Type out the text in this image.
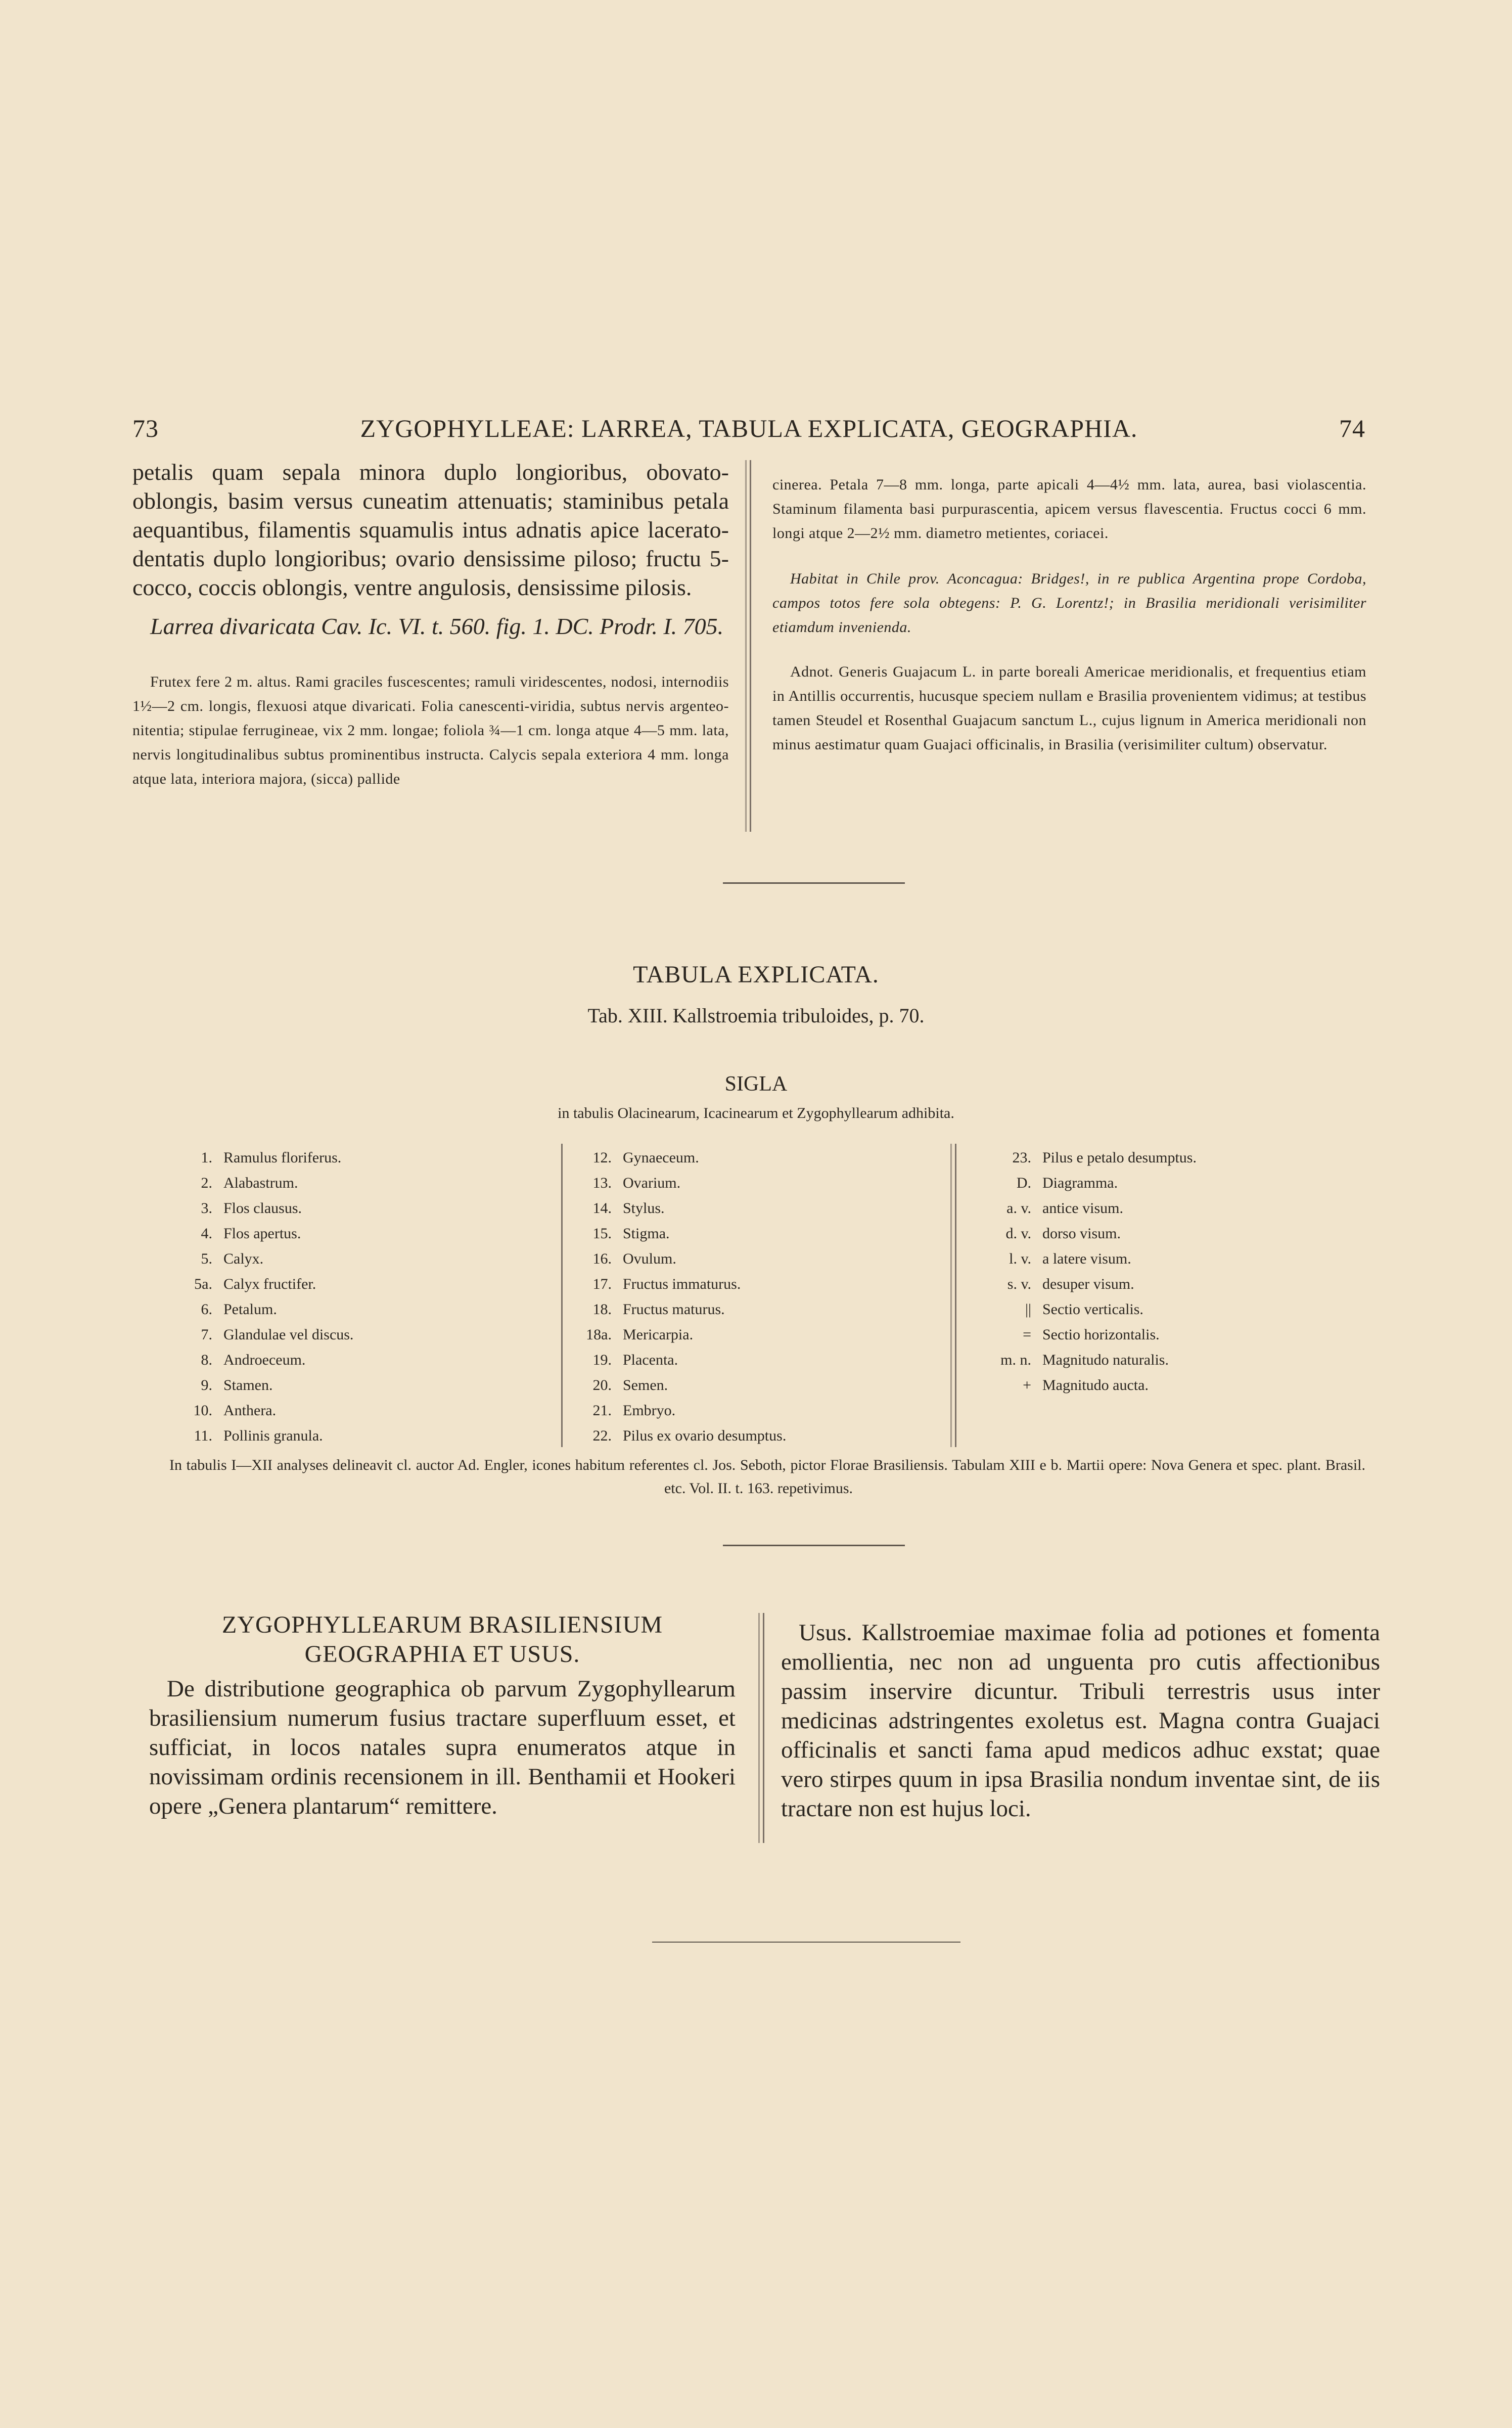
73	ZYGOPHYLLEAE: LARREA, TABULA EXPLICATA, GEOGRAPHIA.	74
petalis quam sepala minora duplo longioribus, obovato-oblongis, basim versus cuneatim attenuatis; staminibus petala aequantibus, filamentis squamulis intus adnatis apice lacerato-dentatis duplo longioribus; ovario densissime piloso; fructu 5-cocco, coccis oblongis, ventre angulosis, densissime pilosis.
Larrea divaricata Cav. Ic. VI. t. 560. fig. 1. DC. Prodr. I. 705.
Frutex fere 2 m. altus. Rami graciles fuscescentes; ramuli viridescentes, nodosi, internodiis 1½—2 cm. longis, flexuosi atque divaricati. Folia canescenti-viridia, subtus nervis argenteo-nitentia; stipulae ferrugineae, vix 2 mm. longae; foliola ¾—1 cm. longa atque 4—5 mm. lata, nervis longitudinalibus subtus prominentibus instructa. Calycis sepala exteriora 4 mm. longa atque lata, interiora majora, (sicca) pallide
cinerea. Petala 7—8 mm. longa, parte apicali 4—4½ mm. lata, aurea, basi violascentia. Staminum filamenta basi purpurascentia, apicem versus flavescentia. Fructus cocci 6 mm. longi atque 2—2½ mm. diametro metientes, coriacei.
Habitat in Chile prov. Aconcagua: Bridges!, in re publica Argentina prope Cordoba, campos totos fere sola obtegens: P. G. Lorentz!; in Brasilia meridionali verisimiliter etiamdum invenienda.
Adnot. Generis Guajacum L. in parte boreali Americae meridionalis, et frequentius etiam in Antillis occurrentis, hucusque speciem nullam e Brasilia provenientem vidimus; at testibus tamen Steudel et Rosenthal Guajacum sanctum L., cujus lignum in America meridionali non minus aestimatur quam Guajaci officinalis, in Brasilia (verisimiliter cultum) observatur.
TABULA EXPLICATA.
Tab. XIII. Kallstroemia tribuloides, p. 70.
SIGLA
in tabulis Olacinearum, Icacinearum et Zygophyllearum adhibita.
1. Ramulus floriferus.
2. Alabastrum.
3. Flos clausus.
4. Flos apertus.
5. Calyx.
5a. Calyx fructifer.
6. Petalum.
7. Glandulae vel discus.
8. Androeceum.
9. Stamen.
10. Anthera.
11. Pollinis granula.
12. Gynaeceum.
13. Ovarium.
14. Stylus.
15. Stigma.
16. Ovulum.
17. Fructus immaturus.
18. Fructus maturus.
18a. Mericarpia.
19. Placenta.
20. Semen.
21. Embryo.
22. Pilus ex ovario desumptus.
23. Pilus e petalo desumptus.
D. Diagramma.
a. v. antice visum.
d. v. dorso visum.
l. v. a latere visum.
s. v. desuper visum.
|| Sectio verticalis.
= Sectio horizontalis.
m. n. Magnitudo naturalis.
+ Magnitudo aucta.

In tabulis I—XII analyses delineavit cl. auctor Ad. Engler, icones habitum referentes cl. Jos. Seboth, pictor Florae Brasiliensis. Tabulam XIII e b. Martii opere: Nova Genera et spec. plant. Brasil. etc. Vol. II. t. 163. repetivimus.

ZYGOPHYLLEARUM BRASILIENSIUM GEOGRAPHIA ET USUS.
De distributione geographica ob parvum Zygophyllearum brasiliensium numerum fusius tractare superfluum esset, et sufficiat, in locos natales supra enumeratos atque in novissimam ordinis recensionem in ill. Benthamii et Hookeri opere „Genera plantarum“ remittere.
Usus. Kallstroemiae maximae folia ad potiones et fomenta emollientia, nec non ad unguenta pro cutis affectionibus passim inservire dicuntur. Tribuli terrestris usus inter medicinas adstringentes exoletus est. Magna contra Guajaci officinalis et sancti fama apud medicos adhuc exstat; quae vero stirpes quum in ipsa Brasilia nondum inventae sint, de iis tractare non est hujus loci.
